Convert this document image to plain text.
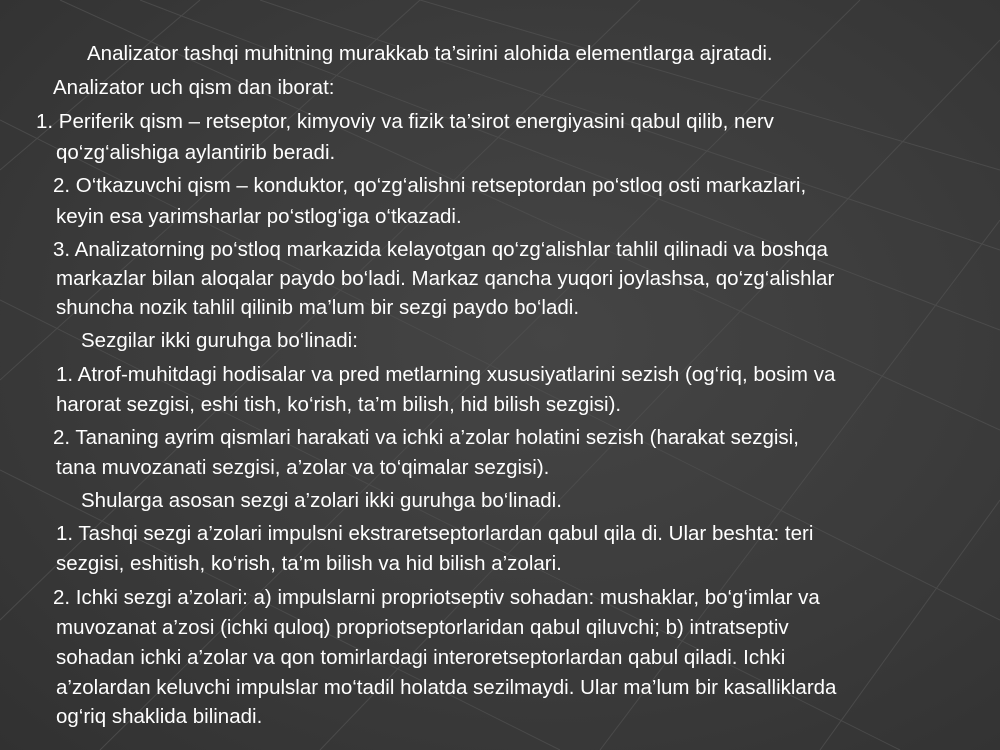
Analizator tashqi muhitning murakkab ta’sirini alohida elementlarga ajratadi.
Analizator uch qism dan iborat:
1. Periferik qism – retseptor, kimyoviy va fizik ta’sirot energiyasini qabul qilib, nerv
qo‘zg‘alishiga aylantirib beradi.
2. O‘tkazuvchi qism – konduktor, qo‘zg‘alishni retseptordan po‘stloq osti markazlari,
keyin esa yarimsharlar po‘stlog‘iga o‘tkazadi.
3. Analizatorning po‘stloq markazida kelayotgan qo‘zg‘alishlar tahlil qilinadi va boshqa
markazlar bilan aloqalar paydo bo‘ladi. Markaz qancha yuqori joylashsa, qo‘zg‘alishlar
shuncha nozik tahlil qilinib ma’lum bir sezgi paydo bo‘ladi.
Sezgilar ikki guruhga bo‘linadi:
1. Atrof-muhitdagi hodisalar va pred metlarning xususiyatlarini sezish (og‘riq, bosim va
harorat sezgisi, eshi tish, ko‘rish, ta’m bilish, hid bilish sezgisi).
2. Tananing ayrim qismlari harakati va ichki a’zolar holatini sezish (harakat sezgisi,
tana muvozanati sezgisi, a’zolar va to‘qimalar sezgisi).
Shularga asosan sezgi a’zolari ikki guruhga bo‘linadi.
1. Tashqi sezgi a’zolari impulsni ekstraretseptorlardan qabul qila di. Ular beshta: teri
sezgisi, eshitish, ko‘rish, ta’m bilish va hid bilish a’zolari.
2. Ichki sezgi a’zolari: a) impulslarni propriotseptiv sohadan: mushaklar, bo‘g‘imlar va
muvozanat a’zosi (ichki quloq) propriotseptorlaridan qabul qiluvchi; b) intratseptiv
sohadan ichki a’zolar va qon tomirlardagi interoretseptorlardan qabul qiladi. Ichki
a’zolardan keluvchi impulslar mo‘tadil holatda sezilmaydi. Ular ma’lum bir kasalliklarda
og‘riq shaklida bilinadi.
